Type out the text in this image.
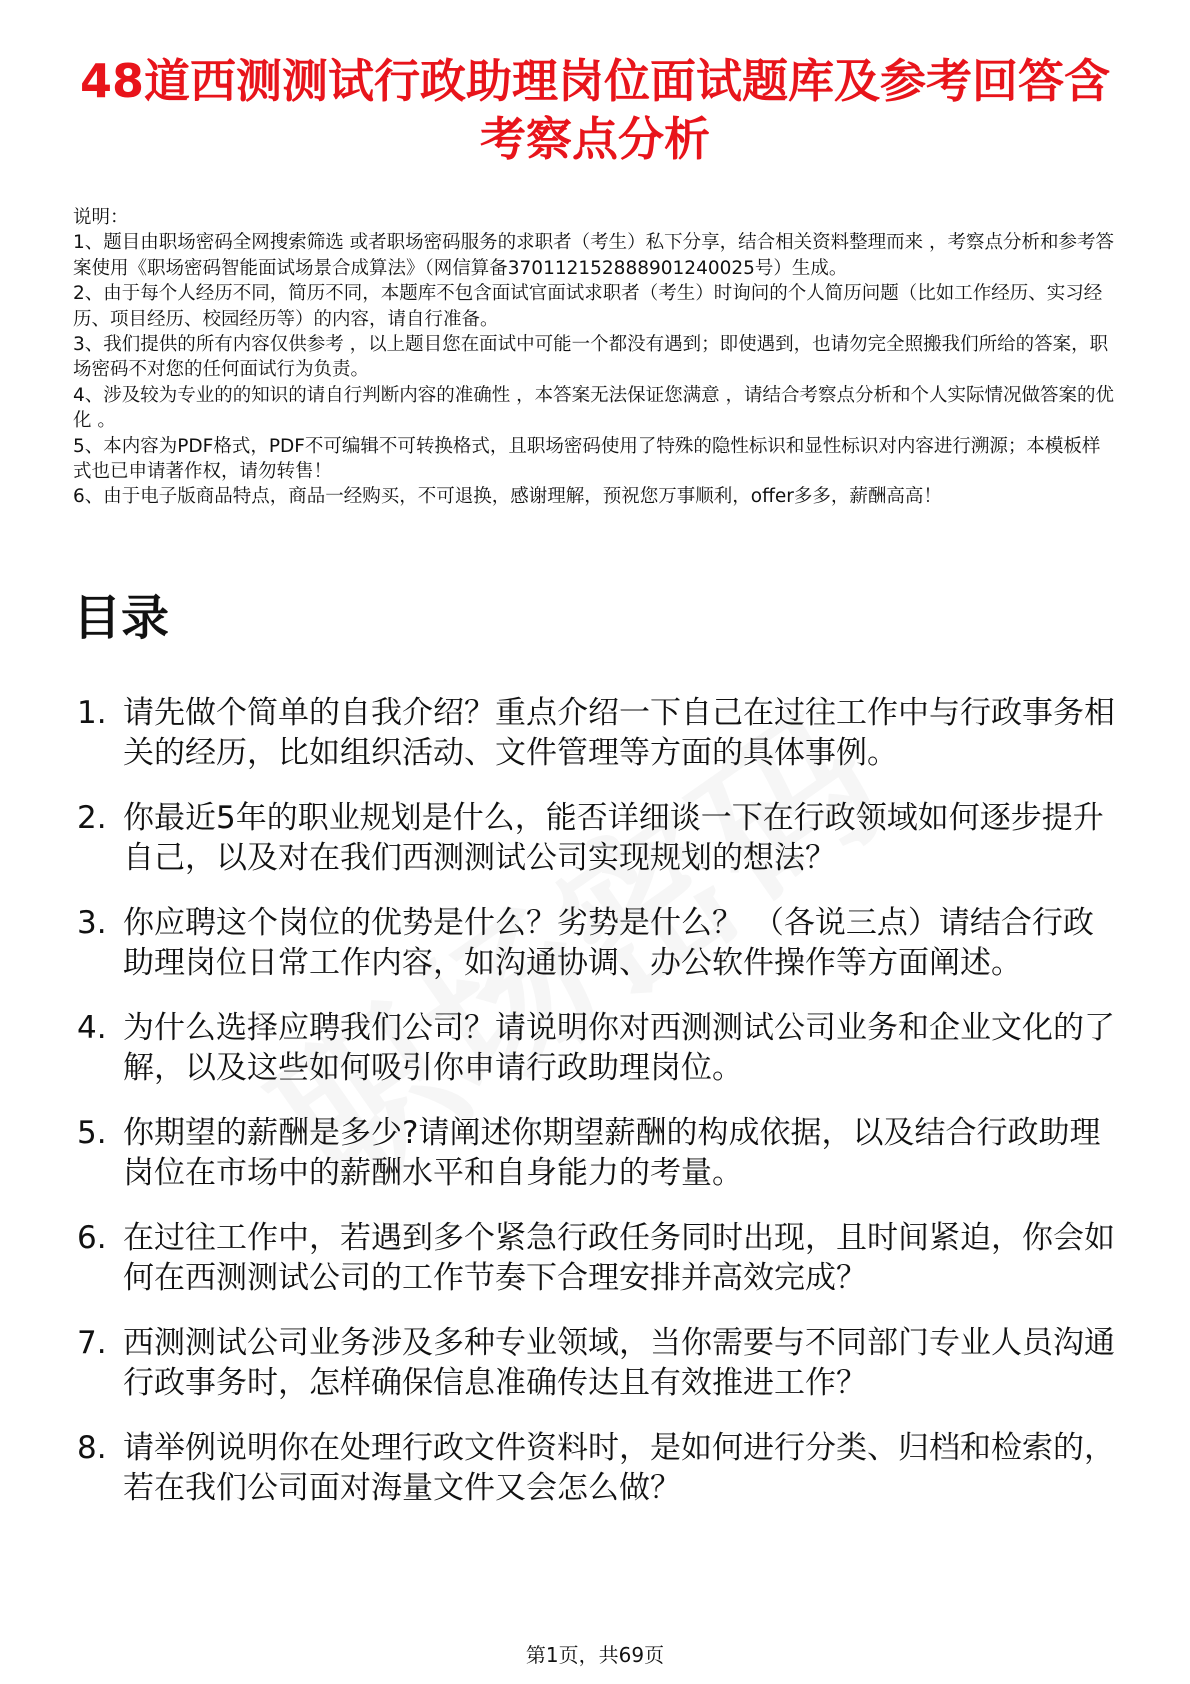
48道西测测试行政助理岗位面试题库及参考回答含考察点分析

说明：

1、题目由职场密码全网搜索筛选 或者职场密码服务的求职者（考生）私下分享，结合相关资料整理而来 ，考察点分析和参考答案使用《职场密码智能面试场景合成算法》（网信算备370112152888901240025号）生成。

2、由于每个人经历不同，简历不同，本题库不包含面试官面试求职者（考生）时询问的个人简历问题（比如工作经历、实习经历、项目经历、校园经历等）的内容，请自行准备。

3、我们提供的所有内容仅供参考 ，以上题目您在面试中可能一个都没有遇到；即使遇到，也请勿完全照搬我们所给的答案，职场密码不对您的任何面试行为负责。

4、涉及较为专业的的知识的请自行判断内容的准确性 ，本答案无法保证您满意 ，请结合考察点分析和个人实际情况做答案的优化 。

5、本内容为PDF格式，PDF不可编辑不可转换格式，且职场密码使用了特殊的隐性标识和显性标识对内容进行溯源；本模板样式也已申请著作权，请勿转售！

6、由于电子版商品特点，商品一经购买，不可退换，感谢理解，预祝您万事顺利，offer多多，薪酬高高！

目录
1. 请先做个简单的自我介绍？重点介绍一下自己在过往工作中与行政事务相关的经历，比如组织活动、文件管理等方面的具体事例。
2. 你最近5年的职业规划是什么，能否详细谈一下在行政领域如何逐步提升自己，以及对在我们西测测试公司实现规划的想法？
3. 你应聘这个岗位的优势是什么？劣势是什么？ （各说三点）请结合行政助理岗位日常工作内容，如沟通协调、办公软件操作等方面阐述。
4. 为什么选择应聘我们公司？请说明你对西测测试公司业务和企业文化的了解，以及这些如何吸引你申请行政助理岗位。
5. 你期望的薪酬是多少?请阐述你期望薪酬的构成依据，以及结合行政助理岗位在市场中的薪酬水平和自身能力的考量。
6. 在过往工作中，若遇到多个紧急行政任务同时出现，且时间紧迫，你会如何在西测测试公司的工作节奏下合理安排并高效完成？
7. 西测测试公司业务涉及多种专业领域，当你需要与不同部门专业人员沟通行政事务时，怎样确保信息准确传达且有效推进工作？
8. 请举例说明你在处理行政文件资料时，是如何进行分类、归档和检索的，若在我们公司面对海量文件又会怎么做？
第1页，共69页
